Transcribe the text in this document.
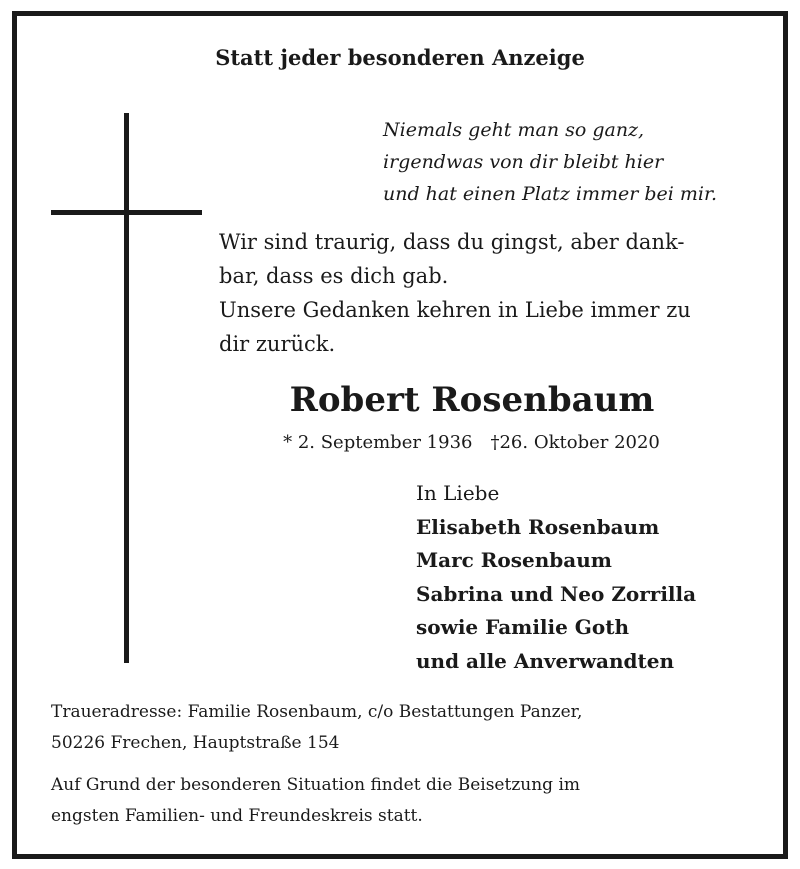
Statt jeder besonderen Anzeige
Niemals geht man so ganz,
irgendwas von dir bleibt hier
und hat einen Platz immer bei mir.
Wir sind traurig, dass du gingst, aber dank-
bar, dass es dich gab.
Unsere Gedanken kehren in Liebe immer zu
dir zurück.
Robert Rosenbaum
* 2. September 1936 †26. Oktober 2020
In Liebe
Elisabeth Rosenbaum
Marc Rosenbaum
Sabrina und Neo Zorrilla
sowie Familie Goth
und alle Anverwandten
Traueradresse: Familie Rosenbaum, c/o Bestattungen Panzer,
50226 Frechen, Hauptstraße 154
Auf Grund der besonderen Situation findet die Beisetzung im
engsten Familien- und Freundeskreis statt.
